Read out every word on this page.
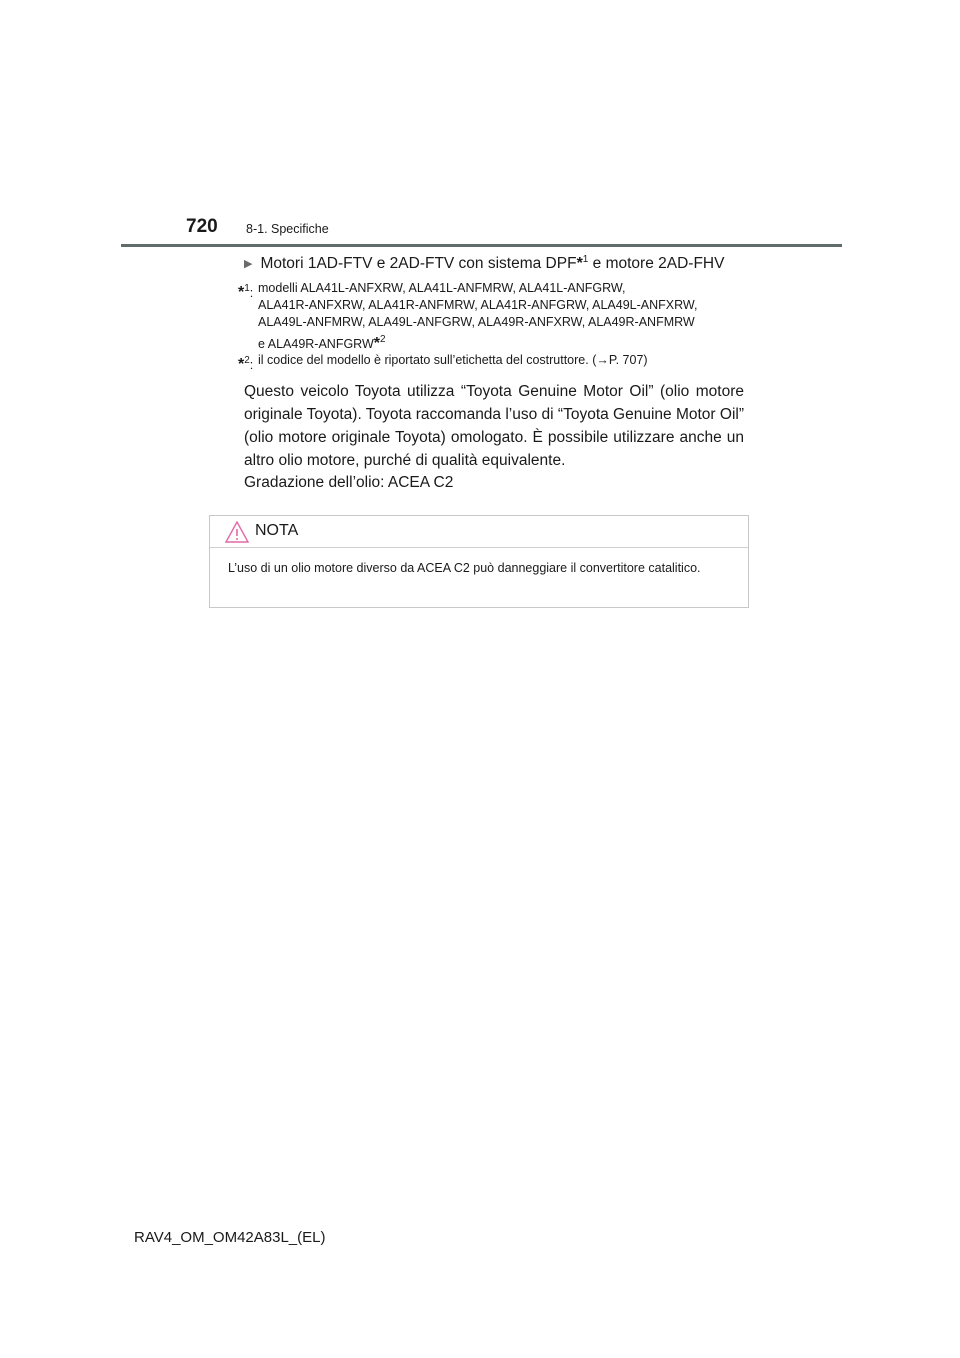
720 8-1. Specifiche
▶ Motori 1AD-FTV e 2AD-FTV con sistema DPF*$^1$ e motore 2AD-FHV
*$^1$: modelli ALA41L-ANFXRW, ALA41L-ANFMRW, ALA41L-ANFGRW,
ALA41R-ANFXRW, ALA41R-ANFMRW, ALA41R-ANFGRW, ALA49L-ANFXRW,
ALA49L-ANFMRW, ALA49L-ANFGRW, ALA49R-ANFXRW, ALA49R-ANFMRW
e ALA49R-ANFGRW*$^2$
*$^2$: il codice del modello è riportato sull’etichetta del costruttore. (→P. 707)
Questo veicolo Toyota utilizza “Toyota Genuine Motor Oil” (olio motore originale Toyota). Toyota raccomanda l’uso di “Toyota Genuine Motor Oil” (olio motore originale Toyota) omologato. È possibile utilizzare anche un altro olio motore, purché di qualità equivalente.
Gradazione dell’olio: ACEA C2
NOTA
L’uso di un olio motore diverso da ACEA C2 può danneggiare il convertitore catalitico.
RAV4_OM_OM42A83L_(EL)
